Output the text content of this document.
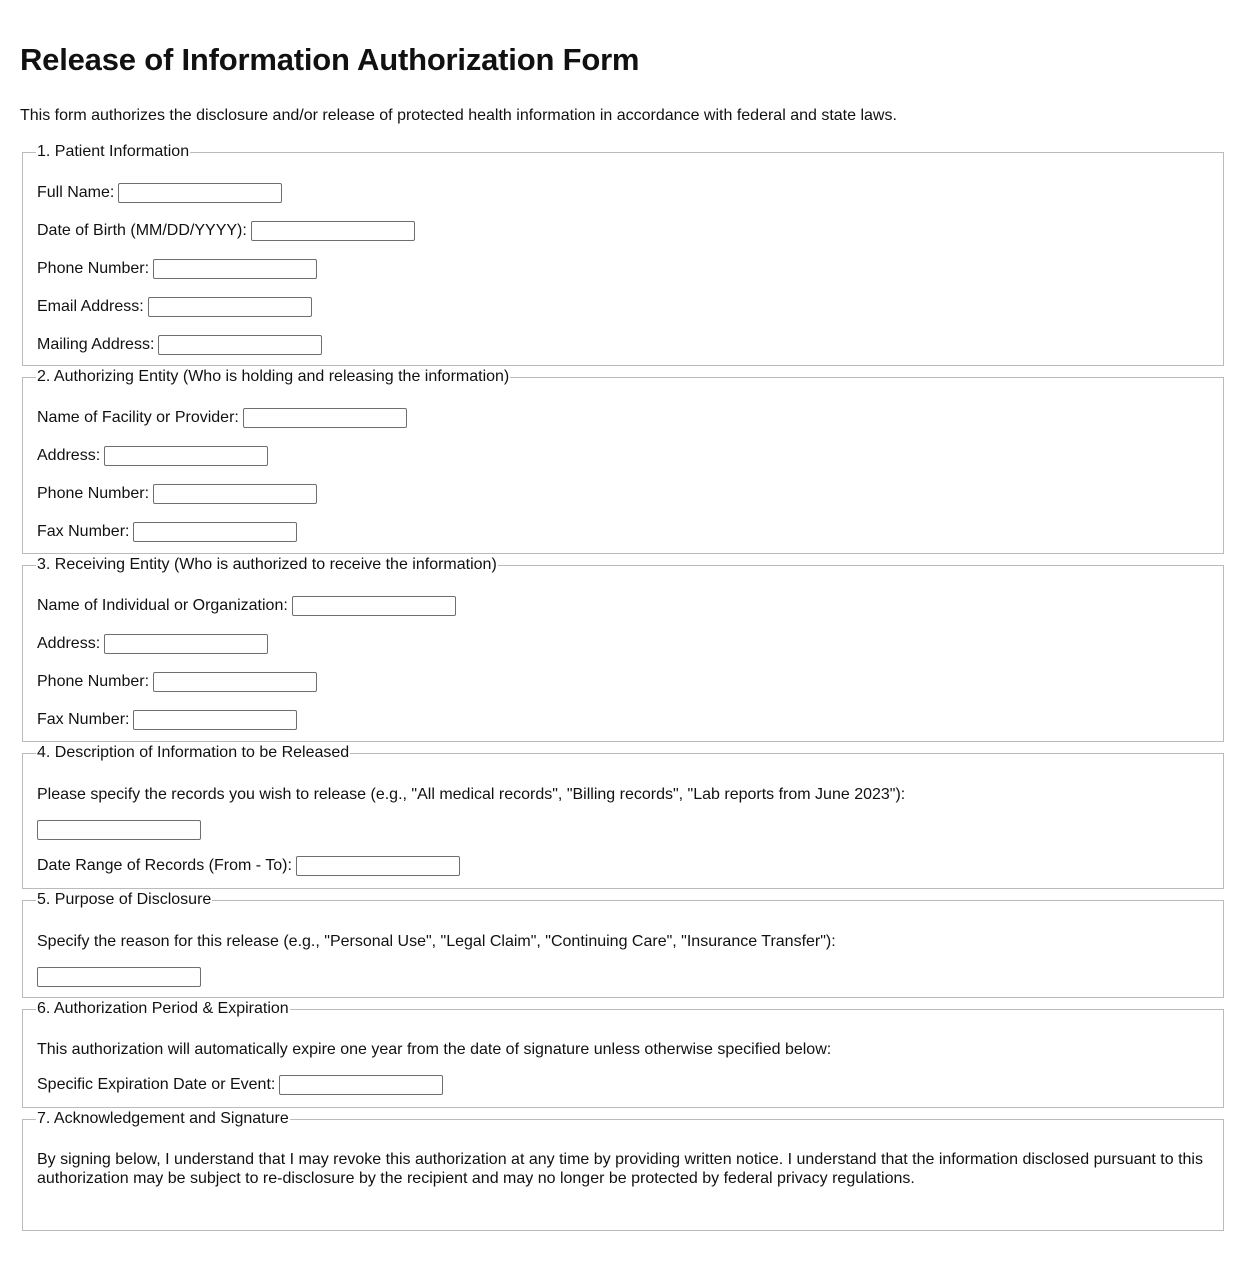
Release of Information Authorization Form

This form authorizes the disclosure and/or release of protected health information in accordance with federal and state laws.

1. Patient Information
Full Name:
Date of Birth (MM/DD/YYYY):
Phone Number:
Email Address:
Mailing Address:
2. Authorizing Entity (Who is holding and releasing the information)
Name of Facility or Provider:
Address:
Phone Number:
Fax Number:
3. Receiving Entity (Who is authorized to receive the information)
Name of Individual or Organization:
Address:
Phone Number:
Fax Number:
4. Description of Information to be Released
Please specify the records you wish to release (e.g., "All medical records", "Billing records", "Lab reports from June 2023"):
Date Range of Records (From - To):
5. Purpose of Disclosure
Specify the reason for this release (e.g., "Personal Use", "Legal Claim", "Continuing Care", "Insurance Transfer"):
6. Authorization Period & Expiration
This authorization will automatically expire one year from the date of signature unless otherwise specified below:
Specific Expiration Date or Event:
7. Acknowledgement and Signature
By signing below, I understand that I may revoke this authorization at any time by providing written notice. I understand that the information disclosed pursuant to this authorization may be subject to re-disclosure by the recipient and may no longer be protected by federal privacy regulations.
